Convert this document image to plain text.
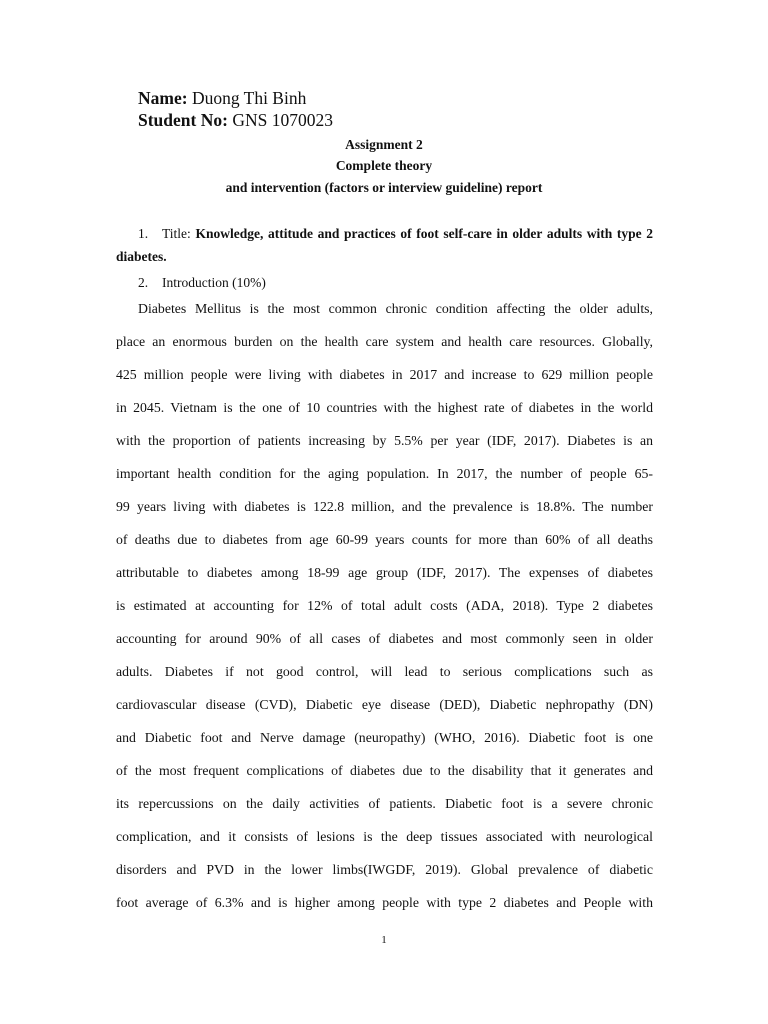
Name: Duong Thi Binh
Student No: GNS 1070023
Assignment 2
Complete theory
and intervention (factors or interview guideline) report
1. Title: Knowledge, attitude and practices of foot self-care in older adults with type 2 diabetes.
2. Introduction (10%)
Diabetes Mellitus is the most common chronic condition affecting the older adults,
place an enormous burden on the health care system and health care resources. Globally,
425 million people were living with diabetes in 2017 and increase to 629 million people
in 2045. Vietnam is the one of 10 countries with the highest rate of diabetes in the world
with the proportion of patients increasing by 5.5% per year (IDF, 2017). Diabetes is an
important health condition for the aging population. In 2017, the number of people 65-
99 years living with diabetes is 122.8 million, and the prevalence is 18.8%. The number
of deaths due to diabetes from age 60-99 years counts for more than 60% of all deaths
attributable to diabetes among 18-99 age group (IDF, 2017). The expenses of diabetes
is estimated at accounting for 12% of total adult costs (ADA, 2018). Type 2 diabetes
accounting for around 90% of all cases of diabetes and most commonly seen in older
adults. Diabetes if not good control, will lead to serious complications such as
cardiovascular disease (CVD), Diabetic eye disease (DED), Diabetic nephropathy (DN)
and Diabetic foot and Nerve damage (neuropathy) (WHO, 2016). Diabetic foot is one
of the most frequent complications of diabetes due to the disability that it generates and
its repercussions on the daily activities of patients. Diabetic foot is a severe chronic
complication, and it consists of lesions is the deep tissues associated with neurological
disorders and PVD in the lower limbs(IWGDF, 2019). Global prevalence of diabetic
foot average of 6.3% and is higher among people with type 2 diabetes and People with
1
